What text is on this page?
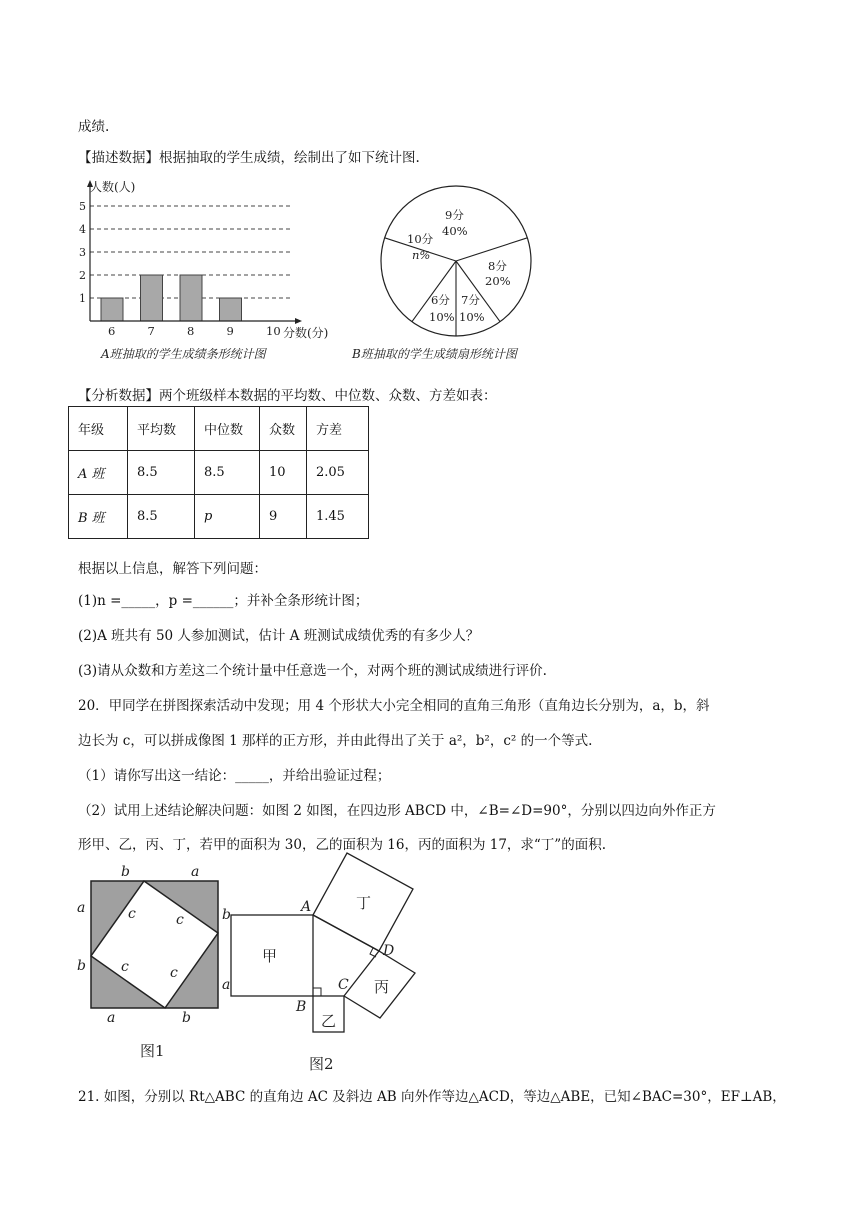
成绩.
【描述数据】根据抽取的学生成绩，绘制出了如下统计图.
1
2
3
4
5
6	7	8	9	10
人数(人)
分数(分)
A班抽取的学生成绩条形统计图
10分
n%
9分
40%
8分
20%
6分
10%
7分
10%
B班抽取的学生成绩扇形统计图
【分析数据】两个班级样本数据的平均数、中位数、众数、方差如表：
年级	平均数	中位数	众数	方差
A 班	8.5	8.5	10	2.05
B 班	8.5	p	9	1.45
根据以上信息，解答下列问题：
(1)n =_____，p =______；并补全条形统计图；
(2)A 班共有 50 人参加测试，估计 A 班测试成绩优秀的有多少人？
(3)请从众数和方差这二个统计量中任意选一个，对两个班的测试成绩进行评价.
20．甲同学在拼图探索活动中发现；用 4 个形状大小完全相同的直角三角形（直角边长分别为，a，b，斜
边长为 c，可以拼成像图 1 那样的正方形，并由此得出了关于 a²，b²，c² 的一个等式.
（1）请你写出这一结论：_____，并给出验证过程；
（2）试用上述结论解决问题：如图 2 如图，在四边形 ABCD 中，∠B=∠D=90°，分别以四边向外作正方
形甲、乙，丙、丁，若甲的面积为 30，乙的面积为 16，丙的面积为 17，求“丁”的面积.
b	a
a
b
a	b
c	c
c	c
图1
A
B
C
D
b
a
甲
乙
丙
丁
图2
21. 如图，分别以 Rt△ABC 的直角边 AC 及斜边 AB 向外作等边△ACD，等边△ABE，已知∠BAC=30°，EF⊥AB，
